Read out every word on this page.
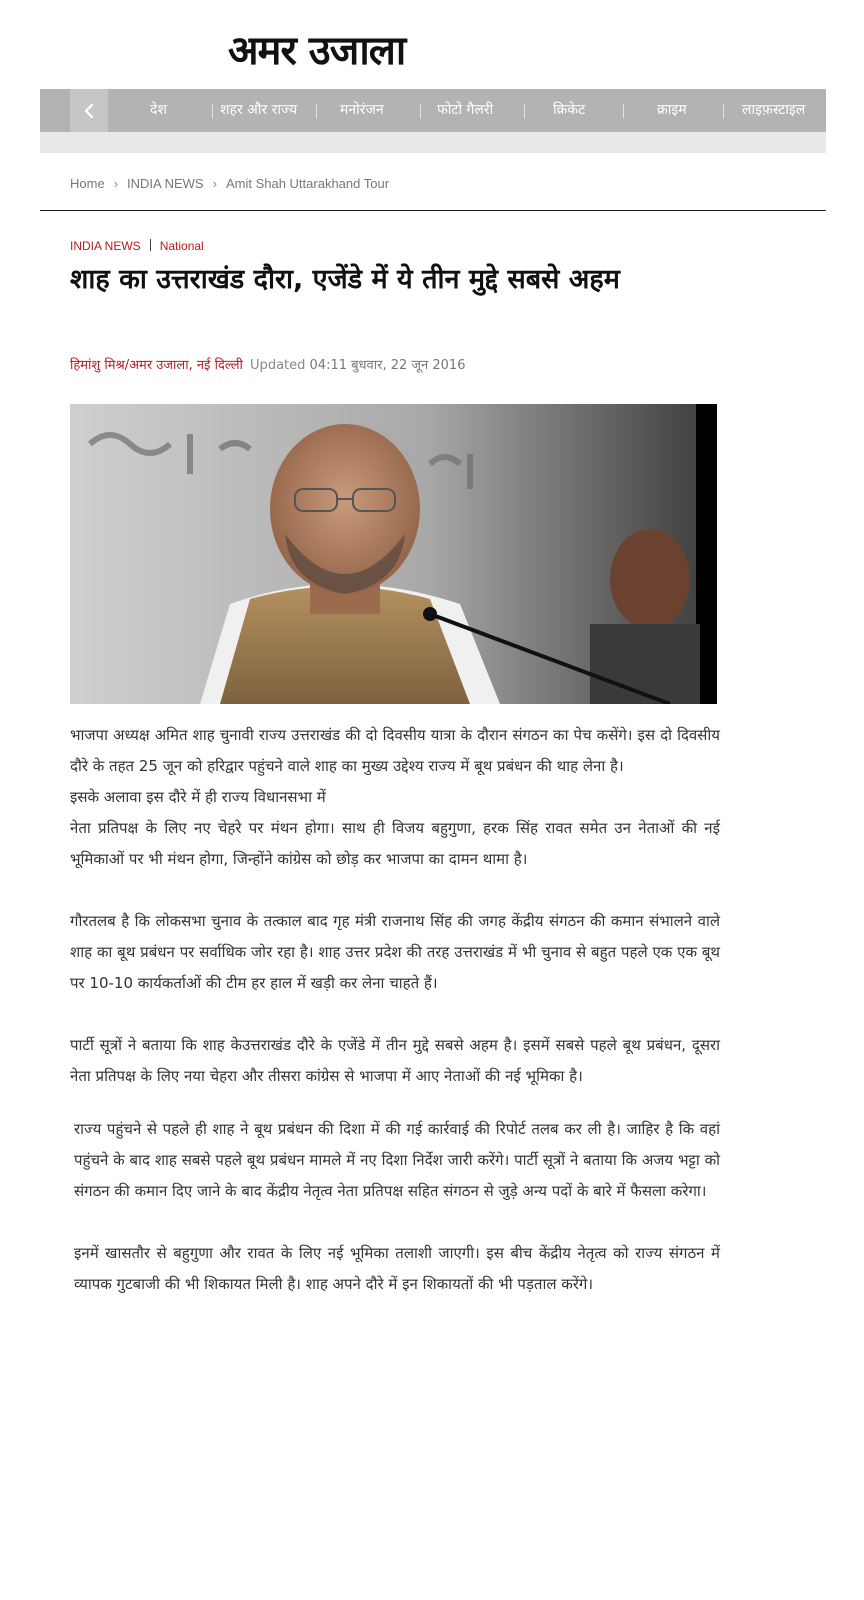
अमर उजाला
देश	शहर और राज्य	मनोरंजन	फोटो गैलरी	क्रिकेट	क्राइम	लाइफ़स्टाइल
Home › INDIA NEWS › Amit Shah Uttarakhand Tour
INDIA NEWS National
शाह का उत्तराखंड दौरा, एजेंडे में ये तीन मुद्दे सबसे अहम
हिमांशु मिश्र/अमर उजाला, नई दिल्ली Updated 04:11 बुधवार, 22 जून 2016

भाजपा अध्यक्ष अमित शाह चुनावी राज्य उत्तराखंड की दो दिवसीय यात्रा के दौरान संगठन का पेच कसेंगे। इस दो दिवसीय दौरे के तहत 25 जून को हरिद्वार पहुंचने वाले शाह का मुख्य उद्देश्य राज्य में बूथ प्रबंधन की थाह लेना है।

इसके अलावा इस दौरे में ही राज्य विधानसभा में

नेता प्रतिपक्ष के लिए नए चेहरे पर मंथन होगा। साथ ही विजय बहुगुणा, हरक सिंह रावत समेत उन नेताओं की नई भूमिकाओं पर भी मंथन होगा, जिन्होंने कांग्रेस को छोड़ कर भाजपा का दामन थामा है।

गौरतलब है कि लोकसभा चुनाव के तत्काल बाद गृह मंत्री राजनाथ सिंह की जगह केंद्रीय संगठन की कमान संभालने वाले शाह का बूथ प्रबंधन पर सर्वाधिक जोर रहा है। शाह उत्तर प्रदेश की तरह उत्तराखंड में भी चुनाव से बहुत पहले एक एक बूथ पर 10-10 कार्यकर्ताओं की टीम हर हाल में खड़ी कर लेना चाहते हैं।

पार्टी सूत्रों ने बताया कि शाह केउत्तराखंड दौरे के एजेंडे में तीन मुद्दे सबसे अहम है। इसमें सबसे पहले बूथ प्रबंधन, दूसरा नेता प्रतिपक्ष के लिए नया चेहरा और तीसरा कांग्रेस से भाजपा में आए नेताओं की नई भूमिका है।

राज्य पहुंचने से पहले ही शाह ने बूथ प्रबंधन की दिशा में की गई कार्रवाई की रिपोर्ट तलब कर ली है। जाहिर है कि वहां पहुंचने के बाद शाह सबसे पहले बूथ प्रबंधन मामले में नए दिशा निर्देश जारी करेंगे। पार्टी सूत्रों ने बताया कि अजय भट्टा को संगठन की कमान दिए जाने के बाद केंद्रीय नेतृत्व नेता प्रतिपक्ष सहित संगठन से जुड़े अन्य पदों के बारे में फैसला करेगा।

इनमें खासतौर से बहुगुणा और रावत के लिए नई भूमिका तलाशी जाएगी। इस बीच केंद्रीय नेतृत्व को राज्य संगठन में व्यापक गुटबाजी की भी शिकायत मिली है। शाह अपने दौरे में इन शिकायतों की भी पड़ताल करेंगे।
